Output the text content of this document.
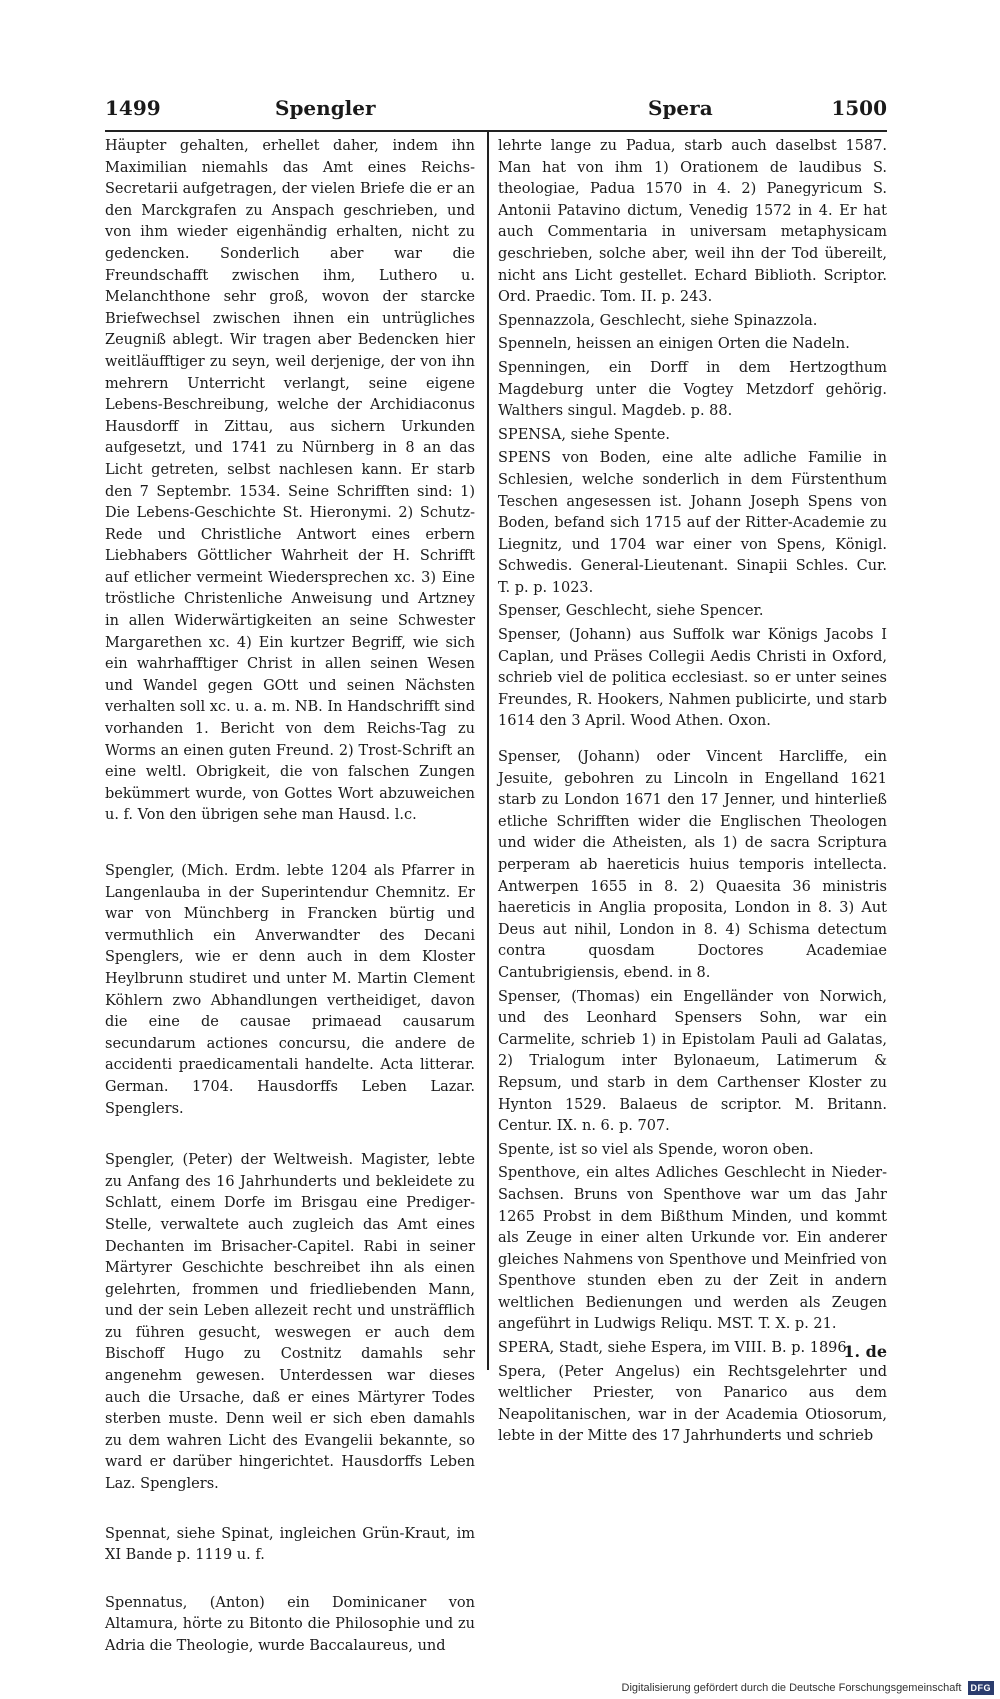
1499	Spengler	Spera	1500

Häupter gehalten, erhellet daher, indem ihn Maximilian niemahls das Amt eines Reichs-Secretarii aufgetragen, der vielen Briefe die er an den Marckgrafen zu Anspach geschrieben, und von ihm wieder eigenhändig erhalten, nicht zu gedencken. Sonderlich aber war die Freundschafft zwischen ihm, Luthero u. Melanchthone sehr groß, wovon der starcke Briefwechsel zwischen ihnen ein untrügliches Zeugniß ablegt. Wir tragen aber Bedencken hier weitläufftiger zu seyn, weil derjenige, der von ihn mehrern Unterricht verlangt, seine eigene Lebens-Beschreibung, welche der Archidiaconus Hausdorff in Zittau, aus sichern Urkunden aufgesetzt, und 1741 zu Nürnberg in 8 an das Licht getreten, selbst nachlesen kann. Er starb den 7 Septembr. 1534. Seine Schrifften sind: 1) Die Lebens-Geschichte St. Hieronymi. 2) Schutz-Rede und Christliche Antwort eines erbern Liebhabers Göttlicher Wahrheit der H. Schrifft auf etlicher vermeint Wiedersprechen xc. 3) Eine tröstliche Christenliche Anweisung und Artzney in allen Widerwärtigkeiten an seine Schwester Margarethen xc. 4) Ein kurtzer Begriff, wie sich ein wahrhafftiger Christ in allen seinen Wesen und Wandel gegen GOtt und seinen Nächsten verhalten soll xc. u. a. m. NB. In Handschrifft sind vorhanden 1. Bericht von dem Reichs-Tag zu Worms an einen guten Freund. 2) Trost-Schrift an eine weltl. Obrigkeit, die von falschen Zungen bekümmert wurde, von Gottes Wort abzuweichen u. f. Von den übrigen sehe man Hausd. l.c.

Spengler, (Mich. Erdm. lebte 1204 als Pfarrer in Langenlauba in der Superintendur Chemnitz. Er war von Münchberg in Francken bürtig und vermuthlich ein Anverwandter des Decani Spenglers, wie er denn auch in dem Kloster Heylbrunn studiret und unter M. Martin Clement Köhlern zwo Abhandlungen vertheidiget, davon die eine de causae primaead causarum secundarum actiones concursu, die andere de accidenti praedicamentali handelte. Acta litterar. German. 1704. Hausdorffs Leben Lazar. Spenglers.

Spengler, (Peter) der Weltweish. Magister, lebte zu Anfang des 16 Jahrhunderts und bekleidete zu Schlatt, einem Dorfe im Brisgau eine Prediger-Stelle, verwaltete auch zugleich das Amt eines Dechanten im Brisacher-Capitel. Rabi in seiner Märtyrer Geschichte beschreibet ihn als einen gelehrten, frommen und friedliebenden Mann, und der sein Leben allezeit recht und unsträfflich zu führen gesucht, weswegen er auch dem Bischoff Hugo zu Costnitz damahls sehr angenehm gewesen. Unterdessen war dieses auch die Ursache, daß er eines Märtyrer Todes sterben muste. Denn weil er sich eben damahls zu dem wahren Licht des Evangelii bekannte, so ward er darüber hingerichtet. Hausdorffs Leben Laz. Spenglers.

Spennat, siehe Spinat, ingleichen Grün-Kraut, im XI Bande p. 1119 u. f.

Spennatus, (Anton) ein Dominicaner von Altamura, hörte zu Bitonto die Philosophie und zu Adria die Theologie, wurde Baccalaureus, und

lehrte lange zu Padua, starb auch daselbst 1587. Man hat von ihm 1) Orationem de laudibus S. theologiae, Padua 1570 in 4. 2) Panegyricum S. Antonii Patavino dictum, Venedig 1572 in 4. Er hat auch Commentaria in universam metaphysicam geschrieben, solche aber, weil ihn der Tod übereilt, nicht ans Licht gestellet. Echard Biblioth. Scriptor. Ord. Praedic. Tom. II. p. 243.

Spennazzola, Geschlecht, siehe Spinazzola.

Spenneln, heissen an einigen Orten die Nadeln.

Spenningen, ein Dorff in dem Hertzogthum Magdeburg unter die Vogtey Metzdorf gehörig. Walthers singul. Magdeb. p. 88.

SPENSA, siehe Spente.

SPENS von Boden, eine alte adliche Familie in Schlesien, welche sonderlich in dem Fürstenthum Teschen angesessen ist. Johann Joseph Spens von Boden, befand sich 1715 auf der Ritter-Academie zu Liegnitz, und 1704 war einer von Spens, Königl. Schwedis. General-Lieutenant. Sinapii Schles. Cur. T. p. p. 1023.

Spenser, Geschlecht, siehe Spencer.

Spenser, (Johann) aus Suffolk war Königs Jacobs I Caplan, und Präses Collegii Aedis Christi in Oxford, schrieb viel de politica ecclesiast. so er unter seines Freundes, R. Hookers, Nahmen publicirte, und starb 1614 den 3 April. Wood Athen. Oxon.

Spenser, (Johann) oder Vincent Harcliffe, ein Jesuite, gebohren zu Lincoln in Engelland 1621 starb zu London 1671 den 17 Jenner, und hinterließ etliche Schrifften wider die Englischen Theologen und wider die Atheisten, als 1) de sacra Scriptura perperam ab haereticis huius temporis intellecta. Antwerpen 1655 in 8. 2) Quaesita 36 ministris haereticis in Anglia proposita, London in 8. 3) Aut Deus aut nihil, London in 8. 4) Schisma detectum contra quosdam Doctores Academiae Cantubrigiensis, ebend. in 8.

Spenser, (Thomas) ein Engelländer von Norwich, und des Leonhard Spensers Sohn, war ein Carmelite, schrieb 1) in Epistolam Pauli ad Galatas, 2) Trialogum inter Bylonaeum, Latimerum & Repsum, und starb in dem Carthenser Kloster zu Hynton 1529. Balaeus de scriptor. M. Britann. Centur. IX. n. 6. p. 707.

Spente, ist so viel als Spende, woron oben.

Spenthove, ein altes Adliches Geschlecht in Nieder-Sachsen. Bruns von Spenthove war um das Jahr 1265 Probst in dem Bißthum Minden, und kommt als Zeuge in einer alten Urkunde vor. Ein anderer gleiches Nahmens von Spenthove und Meinfried von Spenthove stunden eben zu der Zeit in andern weltlichen Bedienungen und werden als Zeugen angeführt in Ludwigs Reliqu. MST. T. X. p. 21.

SPERA, Stadt, siehe Espera, im VIII. B. p. 1896

Spera, (Peter Angelus) ein Rechtsgelehrter und weltlicher Priester, von Panarico aus dem Neapolitanischen, war in der Academia Otiosorum, lebte in der Mitte des 17 Jahrhunderts und schrieb

1. de
Digitalisierung gefördert durch die Deutsche Forschungsgemeinschaft	DFG
